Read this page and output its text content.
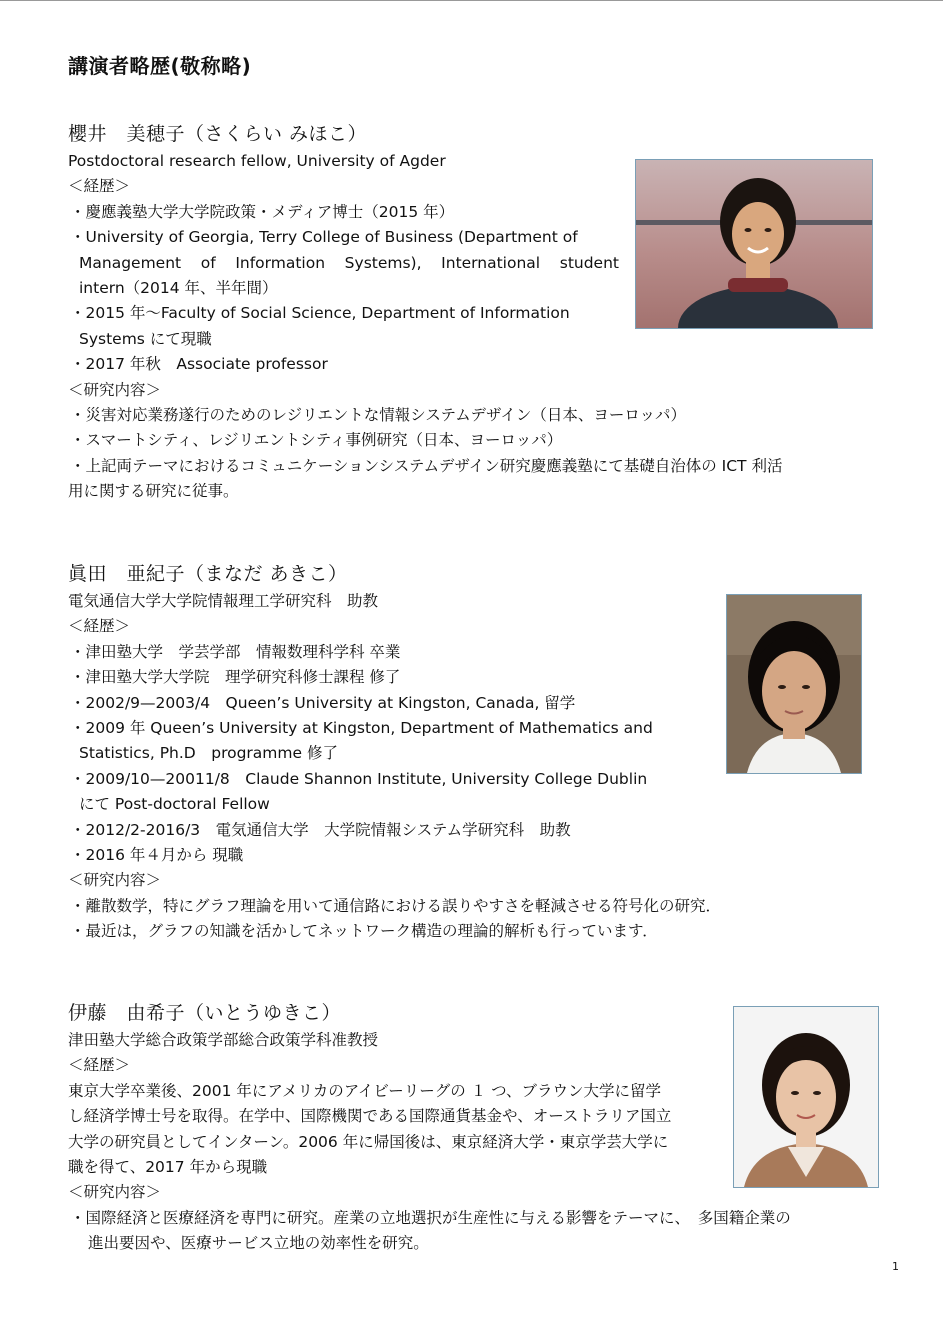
講演者略歴(敬称略)
櫻井　美穂子（さくらい みほこ）
Postdoctoral research fellow, University of Agder
＜経歴＞
・慶應義塾大学大学院政策・メディア博士（2015 年）
・University of Georgia, Terry College of Business (Department of
Management of Information Systems), International student
intern（2014 年、半年間）
・2015 年～Faculty of Social Science, Department of Information
Systems にて現職
・2017 年秋　Associate professor
＜研究内容＞
・災害対応業務遂行のためのレジリエントな情報システムデザイン（日本、ヨーロッパ）
・スマートシティ、レジリエントシティ事例研究（日本、ヨーロッパ）
・上記両テーマにおけるコミュニケーションシステムデザイン研究慶應義塾にて基礎自治体の ICT 利活
用に関する研究に従事。
眞田　亜紀子（まなだ あきこ）
電気通信大学大学院情報理工学研究科　助教
＜経歴＞
・津田塾大学　学芸学部　情報数理科学科 卒業
・津田塾大学大学院　理学研究科修士課程 修了
・2002/9—2003/4　Queen’s University at Kingston, Canada, 留学
・2009 年 Queen’s University at Kingston, Department of Mathematics and
Statistics, Ph.D　programme 修了
・2009/10—20011/8　Claude Shannon Institute, University College Dublin
にて Post-doctoral Fellow
・2012/2-2016/3　電気通信大学　大学院情報システム学研究科　助教
・2016 年４月から 現職
＜研究内容＞
・離散数学，特にグラフ理論を用いて通信路における誤りやすさを軽減させる符号化の研究．
・最近は，グラフの知識を活かしてネットワーク構造の理論的解析も行っています．
伊藤　由希子（いとうゆきこ）
津田塾大学総合政策学部総合政策学科准教授
＜経歴＞
東京大学卒業後、2001 年にアメリカのアイビーリーグの １ つ、ブラウン大学に留学
し経済学博士号を取得。在学中、国際機関である国際通貨基金や、オーストラリア国立
大学の研究員としてインターン。2006 年に帰国後は、東京経済大学・東京学芸大学に
職を得て、2017 年から現職
＜研究内容＞
・国際経済と医療経済を専門に研究。産業の立地選択が生産性に与える影響をテーマに、　多国籍企業の
進出要因や、医療サービス立地の効率性を研究。
1
